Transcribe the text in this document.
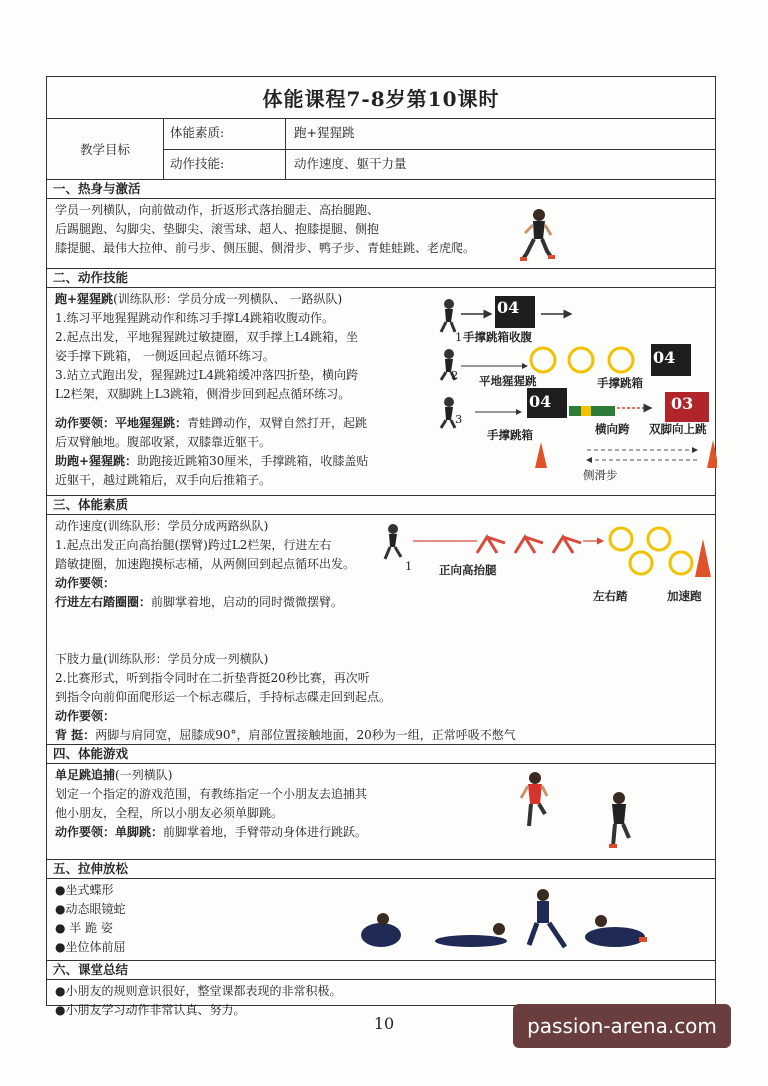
体能课程7-8岁第10课时
教学目标
体能素质:	跑+猩猩跳
动作技能:	动作速度、躯干力量
一、热身与激活

学员一列横队，向前做动作，折返形式落抬腿走、高抬腿跑、

后踢腿跑、勾脚尖、垫脚尖、滚雪球、超人、抱膝提腿、侧抱

膝提腿、最伟大拉伸、前弓步、侧压腿、侧滑步、鸭子步、青蛙蛙跳、老虎爬。

二、动作技能

跑+猩猩跳(训练队形：学员分成一列横队、 一路纵队)

1.练习平地猩猩跳动作和练习手撑L4跳箱收腹动作。

2.起点出发，平地猩猩跳过敏捷圈，双手撑上L4跳箱，坐

姿手撑下跳箱， 一侧返回起点循环练习。

3.站立式跑出发，猩猩跳过L4跳箱缓冲落四折垫，横向跨

L2栏架，双脚跳上L3跳箱，侧滑步回到起点循环练习。

动作要领：平地猩猩跳：青蛙蹲动作，双臂自然打开，起跳

后双臂触地。腹部收紧，双膝靠近躯干。

助跑+猩猩跳：助跑接近跳箱30厘米，手撑跳箱，收膝盖贴

近躯干，越过跳箱后，双手向后推箱子。

04
04
04	03
1
2
3
手撑跳箱收腹
平地猩猩跳	手撑跳箱
手撑跳箱	横向跨 双脚向上跳
侧滑步
三、体能素质

动作速度(训练队形：学员分成两路纵队)

1.起点出发正向高抬腿(摆臂)跨过L2栏架，行进左右

踏敏捷圈，加速跑摸标志桶，从两侧回到起点循环出发。

动作要领：

行进左右踏圈圈：前脚掌着地，启动的同时微微摆臂。

下肢力量(训练队形：学员分成一列横队)

2.比赛形式，听到指令同时在二折垫背挺20秒比赛，再次听

到指令向前仰面爬形运一个标志碟后，手持标志碟走回到起点。

动作要领：

背 挺：两脚与肩同宽，屈膝成90°，肩部位置接触地面，20秒为一组，正常呼吸不憋气

1 正向高抬腿
左右踏	加速跑
四、体能游戏

单足跳追捕(一列横队)

划定一个指定的游戏范围，有教练指定一个小朋友去追捕其

他小朋友，全程，所以小朋友必须单脚跳。

动作要领：单脚跳：前脚掌着地，手臂带动身体进行跳跃。

五、拉伸放松

●坐式蝶形

●动态眼镜蛇

● 半 跪 姿

●坐位体前屈

六、课堂总结

●小朋友的规则意识很好，整堂课都表现的非常积极。

●小朋友学习动作非常认真、努力。

10	passion-arena.com
